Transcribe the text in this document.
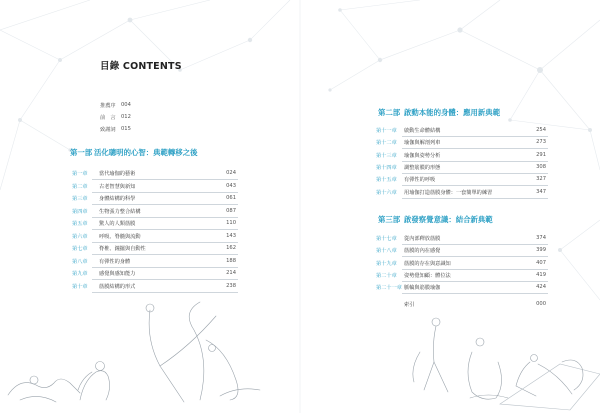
目錄 CONTENTS
推薦序 004
前　言 012
致謝詞 015
第一部 活化聰明的心智：典範轉移之後
第一章 當代瑜伽的藝術	024
第二章 古老智慧與新知	043
第三章 身體結構的科學	061
第四章 生物張力整合結構	087
第五章 驚人的人類筋膜	110
第六章 呼吸、脊髓與流動	143
第七章 脊椎、鐘擺與自動性	162
第八章 有彈性的身體	188
第九章 感覺與感知能力	214
第十章 筋膜結構的形式	238
第二部 啟動本能的身體：應用新典範
第十一章 啟動生命體結構	254
第十二章 瑜伽與解剖列車	273
第十三章 瑜伽與姿勢分析	291
第十四章 調整筋膜的形態	308
第十五章 有彈性的呼吸	327
第十六章 用瑜伽打造筋膜身體：一套簡單的練習	347
第三部 啟發察覺意識：結合新典範
第十七章 從內部釋放筋膜	374
第十八章 筋膜的內在感覺	399
第十九章 筋膜的存在與意識知	407
第二十章 姿勢覺知顧：體位法	419
第二十一章 脈輪與筋膜瑜伽	424
索引	000
